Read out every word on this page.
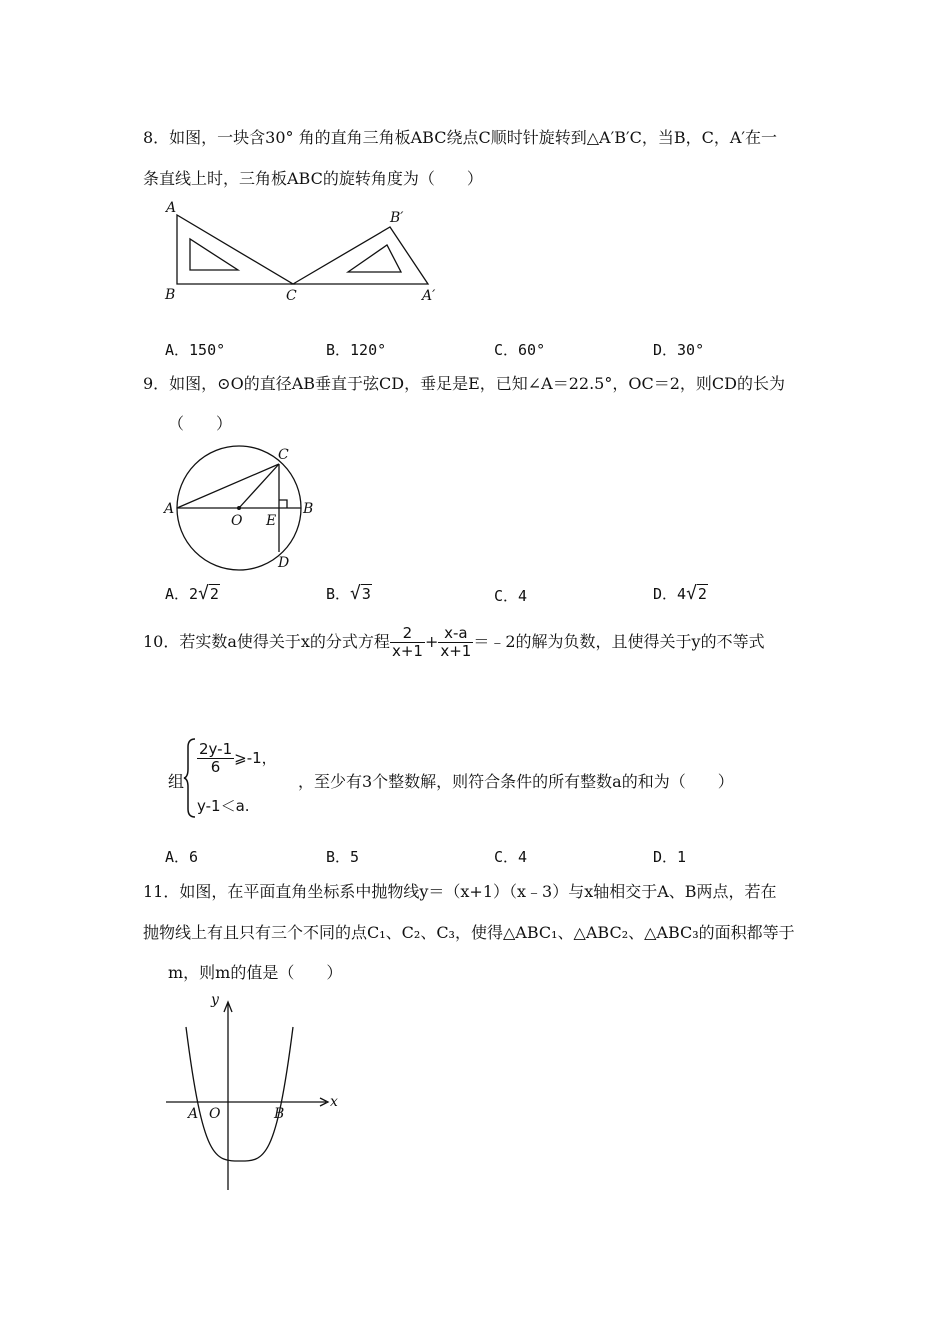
8．如图，一块含30° 角的直角三角板ABC绕点C顺时针旋转到△A′B′C，当B，C，A′在一
条直线上时，三角板ABC的旋转角度为（　　）
A
B	C
B′
A′
A．150°	B．120°	C．60°	D．30°
9．如图，⊙O的直径AB垂直于弦CD，垂足是E，已知∠A＝22.5°，OC＝2，则CD的长为
（　　）
A	B
C
D
O E
A．2 √ 2	B． √ 3	C．4	D．4 √ 2
10．若实数a使得关于x的分式方程 $\frac{2}{x+1} + \frac{x-a}{x+1}$ ＝﹣2的解为负数，且使得关于y的不等式
组
$\frac{2y-1}{6}$ ⩾-1，
y-1＜a.
，至少有3个整数解，则符合条件的所有整数a的和为（　　）
A．6	B．5	C．4	D．1
11．如图，在平面直角坐标系中抛物线y＝（x+1）（x﹣3）与x轴相交于A、B两点，若在
抛物线上有且只有三个不同的点C₁、C₂、C₃，使得△ABC₁、△ABC₂、△ABC₃的面积都等于
m，则m的值是（　　）
x
y
A O	B
